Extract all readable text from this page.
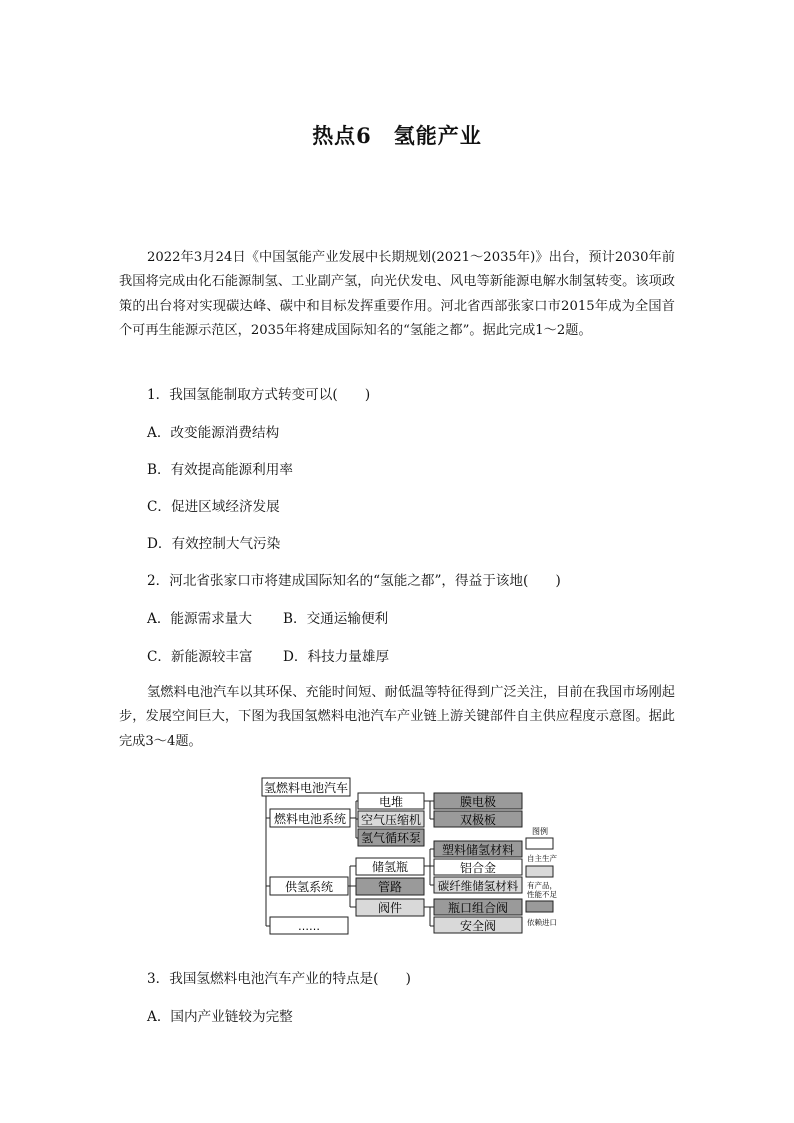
热点6　氢能产业
2022年3月24日《中国氢能产业发展中长期规划(2021～2035年)》出台，预计2030年前我国将完成由化石能源制氢、工业副产氢，向光伏发电、风电等新能源电解水制氢转变。该项政策的出台将对实现碳达峰、碳中和目标发挥重要作用。河北省西部张家口市2015年成为全国首个可再生能源示范区，2035年将建成国际知名的“氢能之都”。据此完成1～2题。
1．我国氢能制取方式转变可以(　　)
A．改变能源消费结构
B．有效提高能源利用率
C．促进区域经济发展
D．有效控制大气污染
2．河北省张家口市将建成国际知名的“氢能之都”，得益于该地(　　)
A．能源需求量大 B．交通运输便利
C．新能源较丰富 D．科技力量雄厚
氢燃料电池汽车以其环保、充能时间短、耐低温等特征得到广泛关注，目前在我国市场刚起步，发展空间巨大，下图为我国氢燃料电池汽车产业链上游关键部件自主供应程度示意图。据此完成3～4题。
氢燃料电池汽车
燃料电池系统
供氢系统
……
电堆
空气压缩机
氢气循环泵
膜电极
双极板
储氢瓶
管路
阀件
塑料储氢材料
铝合金
碳纤维储氢材料
瓶口组合阀
安全阀
图例
自主生产
有产品，
性能不足
依赖进口
3．我国氢燃料电池汽车产业的特点是(　　)
A．国内产业链较为完整
